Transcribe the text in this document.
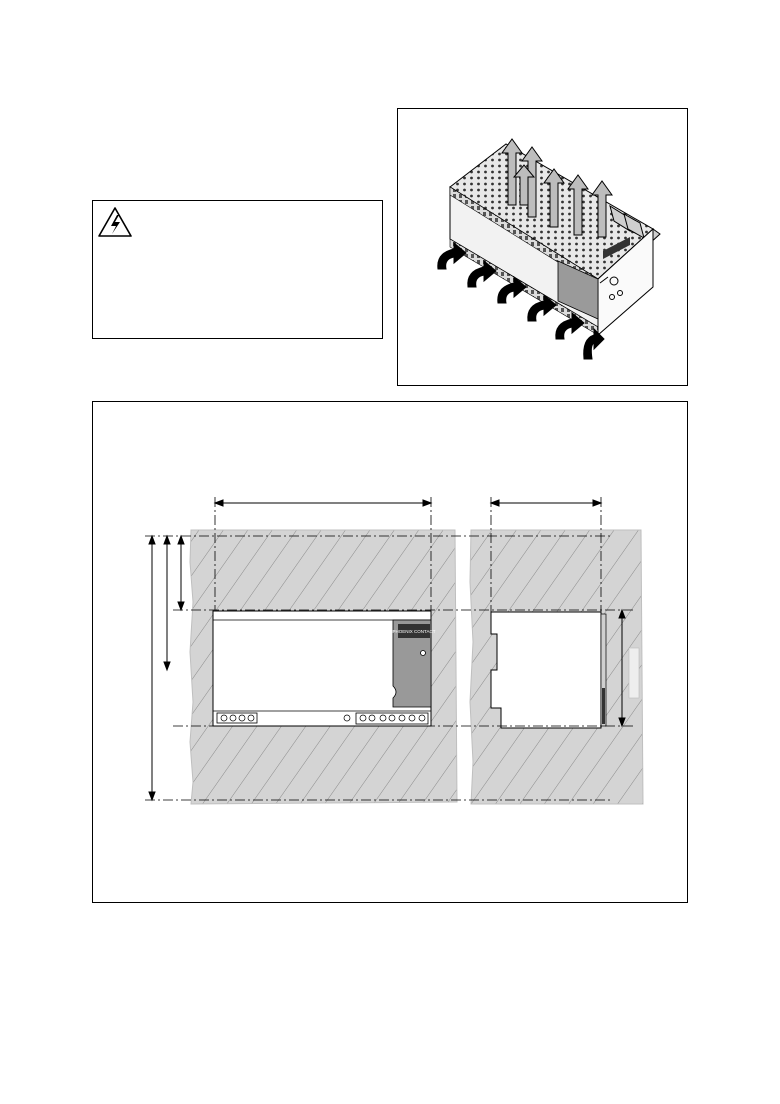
PHOENIX CONTACT
